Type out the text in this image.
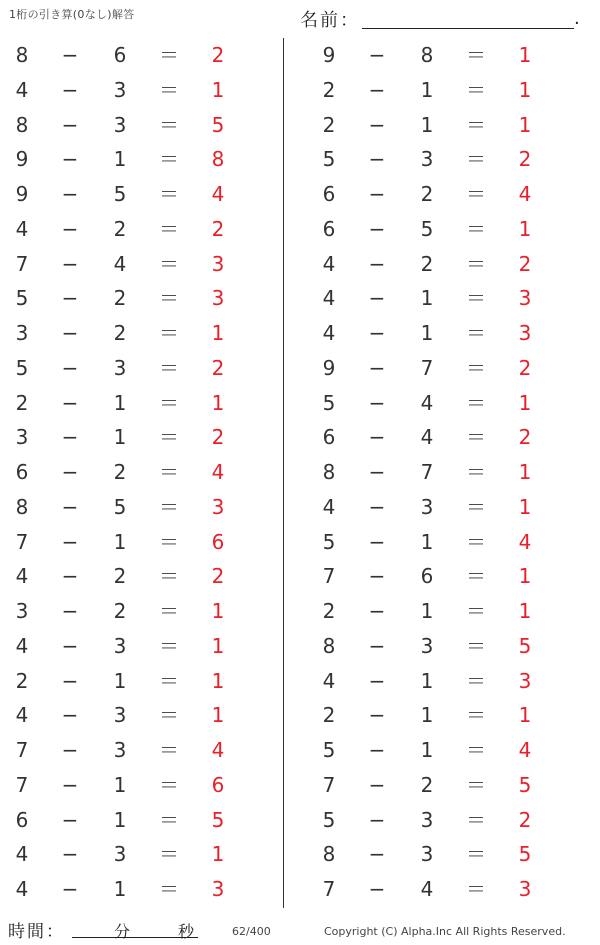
1桁の引き算(0なし)解答	名前：	.
8 − 6 ＝ 2
4 − 3 ＝ 1
8 − 3 ＝ 5
9 − 1 ＝ 8
9 − 5 ＝ 4
4 − 2 ＝ 2
7 − 4 ＝ 3
5 − 2 ＝ 3
3 − 2 ＝ 1
5 − 3 ＝ 2
2 − 1 ＝ 1
3 − 1 ＝ 2
6 − 2 ＝ 4
8 − 5 ＝ 3
7 − 1 ＝ 6
4 − 2 ＝ 2
3 − 2 ＝ 1
4 − 3 ＝ 1
2 − 1 ＝ 1
4 − 3 ＝ 1
7 − 3 ＝ 4
7 − 1 ＝ 6
6 − 1 ＝ 5
4 − 3 ＝ 1
4 − 1 ＝ 3
9 − 8 ＝ 1
2 − 1 ＝ 1
2 − 1 ＝ 1
5 − 3 ＝ 2
6 − 2 ＝ 4
6 − 5 ＝ 1
4 − 2 ＝ 2
4 − 1 ＝ 3
4 − 1 ＝ 3
9 − 7 ＝ 2
5 − 4 ＝ 1
6 − 4 ＝ 2
8 − 7 ＝ 1
4 − 3 ＝ 1
5 − 1 ＝ 4
7 − 6 ＝ 1
2 − 1 ＝ 1
8 − 3 ＝ 5
4 − 1 ＝ 3
2 − 1 ＝ 1
5 − 1 ＝ 4
7 − 2 ＝ 5
5 − 3 ＝ 2
8 − 3 ＝ 5
7 − 4 ＝ 3
時間：	分	秒	62/400	Copyright (C) Alpha.Inc All Rights Reserved.
